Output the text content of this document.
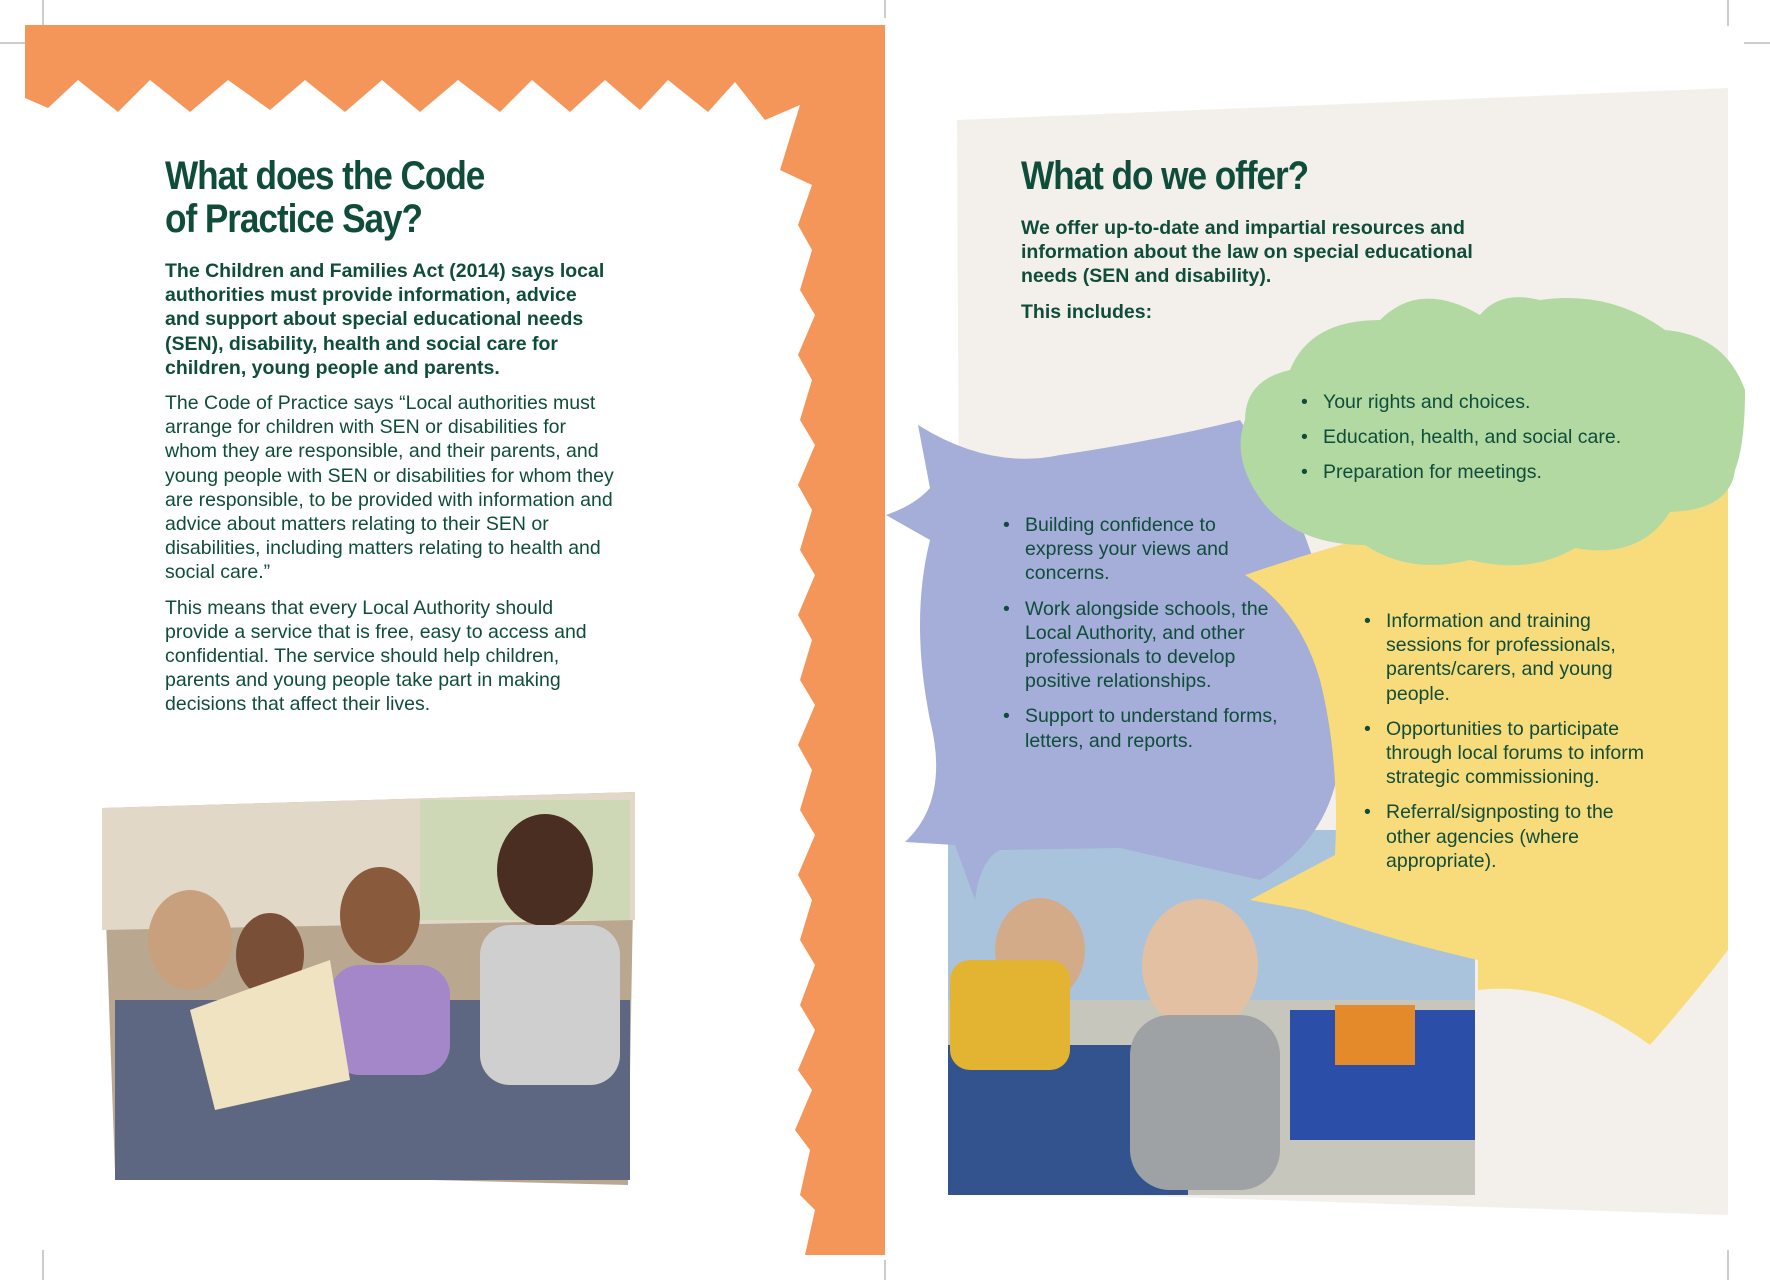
What does the Code
of Practice Say?

The Children and Families Act (2014) says local authorities must provide information, advice and support about special educational needs (SEN), disability, health and social care for children, young people and parents.

The Code of Practice says “Local authorities must arrange for children with SEN or disabilities for whom they are responsible, and their parents, and young people with SEN or disabilities for whom they are responsible, to be provided with information and advice about matters relating to their SEN or disabilities, including matters relating to health and social care.”

This means that every Local Authority should provide a service that is free, easy to access and confidential. The service should help children, parents and young people take part in making decisions that affect their lives.

What do we offer?

We offer up-to-date and impartial resources and information about the law on special educational needs (SEN and disability).

This includes:

• Your rights and choices.
• Education, health, and social care.
• Preparation for meetings.
• Building confidence to express your views and concerns.
• Work alongside schools, the Local Authority, and other professionals to develop positive relationships.
• Support to understand forms, letters, and reports.
• Information and training sessions for professionals, parents/carers, and young people.
• Opportunities to participate through local forums to inform strategic commissioning.
• Referral/signposting to the other agencies (where appropriate).
